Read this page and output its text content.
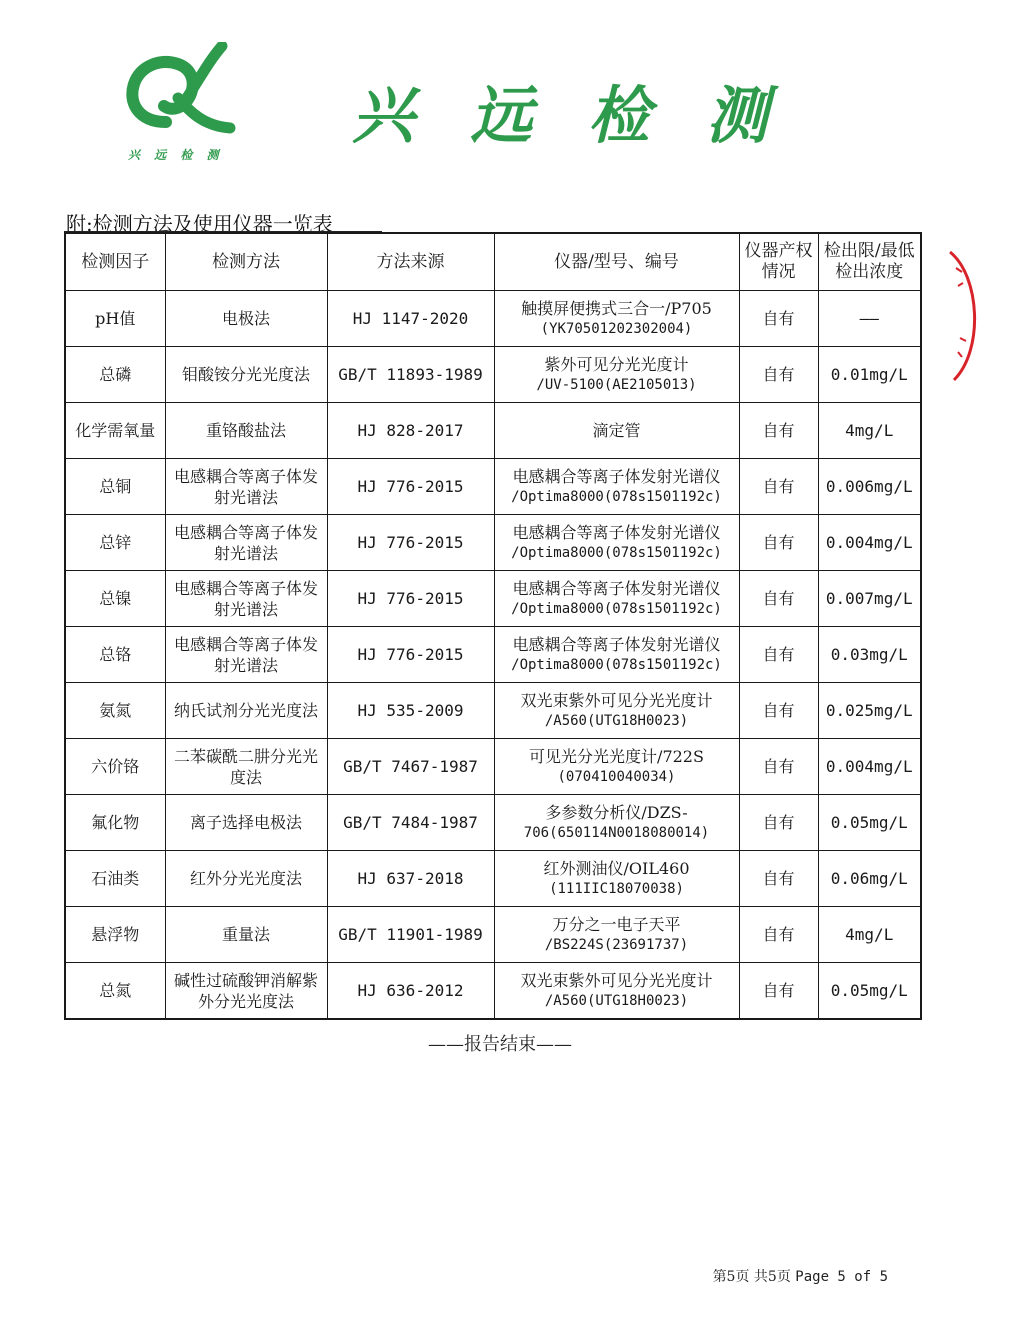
兴 远 检 测
兴远检测
附:检测方法及使用仪器一览表
检测因子	检测方法	方法来源	仪器/型号、编号	仪器产权情况	检出限/最低检出浓度
pH值	电极法	HJ 1147-2020	触摸屏便携式三合一/P705
(YK70501202302004)	自有	——
总磷	钼酸铵分光光度法	GB/T 11893-1989	紫外可见分光光度计
/UV-5100(AE2105013)	自有	0.01mg/L
化学需氧量	重铬酸盐法	HJ 828-2017	滴定管	自有	4mg/L
总铜	电感耦合等离子体发射光谱法	HJ 776-2015	电感耦合等离子体发射光谱仪
/Optima8000(078s1501192c)	自有	0.006mg/L
总锌	电感耦合等离子体发射光谱法	HJ 776-2015	电感耦合等离子体发射光谱仪
/Optima8000(078s1501192c)	自有	0.004mg/L
总镍	电感耦合等离子体发射光谱法	HJ 776-2015	电感耦合等离子体发射光谱仪
/Optima8000(078s1501192c)	自有	0.007mg/L
总铬	电感耦合等离子体发射光谱法	HJ 776-2015	电感耦合等离子体发射光谱仪
/Optima8000(078s1501192c)	自有	0.03mg/L
氨氮	纳氏试剂分光光度法	HJ 535-2009	双光束紫外可见分光光度计
/A560(UTG18H0023)	自有	0.025mg/L
六价铬	二苯碳酰二肼分光光度法	GB/T 7467-1987	可见光分光光度计/722S
(070410040034)	自有	0.004mg/L
氟化物	离子选择电极法	GB/T 7484-1987	多参数分析仪/DZS-
706(650114N0018080014)	自有	0.05mg/L
石油类	红外分光光度法	HJ 637-2018	红外测油仪/OIL460
(111IIC18070038)	自有	0.06mg/L
悬浮物	重量法	GB/T 11901-1989	万分之一电子天平
/BS224S(23691737)	自有	4mg/L
总氮	碱性过硫酸钾消解紫外分光光度法	HJ 636-2012	双光束紫外可见分光光度计
/A560(UTG18H0023)	自有	0.05mg/L
——报告结束——
第5页 共5页 Page 5 of 5
